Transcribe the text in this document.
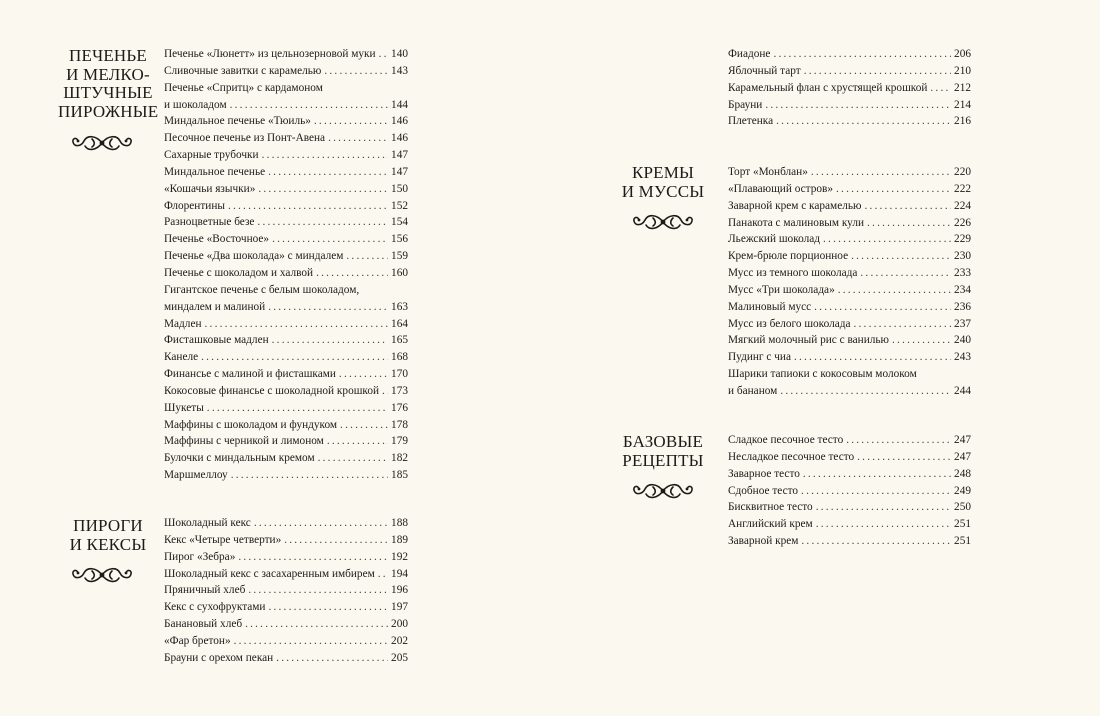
ПЕЧЕНЬЕ
И МЕЛКО-
ШТУЧНЫЕ
ПИРОЖНЫЕ
Печенье «Люнетт» из цельнозерновой муки ..... 140
Сливочные завитки с карамелью .....	143
Печенье «Спритц» с кардамоном
и шоколадом .....	144
Миндальное печенье «Тюиль» .....	146
Песочное печенье из Понт-Авена .....	146
Сахарные трубочки .....	147
Миндальное печенье .....	147
«Кошачьи язычки» .....	150
Флорентины .....	152
Разноцветные безе .....	154
Печенье «Восточное» .....	156
Печенье «Два шоколада» с миндалем .....	159
Печенье с шоколадом и халвой .....	160
Гигантское печенье с белым шоколадом,
миндалем и малиной .....	163
Мадлен .....	164
Фисташковые мадлен .....	165
Канеле .....	168
Финансье с малиной и фисташками .....	170
Кокосовые финансье с шоколадной крошкой ..... 173
Шукеты .....	176
Маффины с шоколадом и фундуком .....	178
Маффины с черникой и лимоном .....	179
Булочки с миндальным кремом .....	182
Маршмеллоу .....	185
ПИРОГИ
И КЕКСЫ
Шоколадный кекс .....	188
Кекс «Четыре четверти» .....	189
Пирог «Зебра» .....	192
Шоколадный кекс с засахаренным имбирем ..... 194
Пряничный хлеб .....	196
Кекс с сухофруктами .....	197
Банановый хлеб .....	200
«Фар бретон» .....	202
Брауни с орехом пекан .....	205
Фиадоне .....	206
Яблочный тарт .....	210
Карамельный флан с хрустящей крошкой ..... 212
Брауни .....	214
Плетенка .....	216
КРЕМЫ
И МУССЫ
Торт «Монблан» .....	220
«Плавающий остров» .....	222
Заварной крем с карамелью .....	224
Панакота с малиновым кули .....	226
Льежский шоколад .....	229
Крем-брюле порционное .....	230
Мусс из темного шоколада .....	233
Мусс «Три шоколада» .....	234
Малиновый мусс .....	236
Мусс из белого шоколада .....	237
Мягкий молочный рис с ванилью .....	240
Пудинг с чиа .....	243
Шарики тапиоки с кокосовым молоком
и бананом .....	244
БАЗОВЫЕ
РЕЦЕПТЫ
Сладкое песочное тесто .....	247
Несладкое песочное тесто .....	247
Заварное тесто .....	248
Сдобное тесто .....	249
Бисквитное тесто .....	250
Английский крем .....	251
Заварной крем .....	251
